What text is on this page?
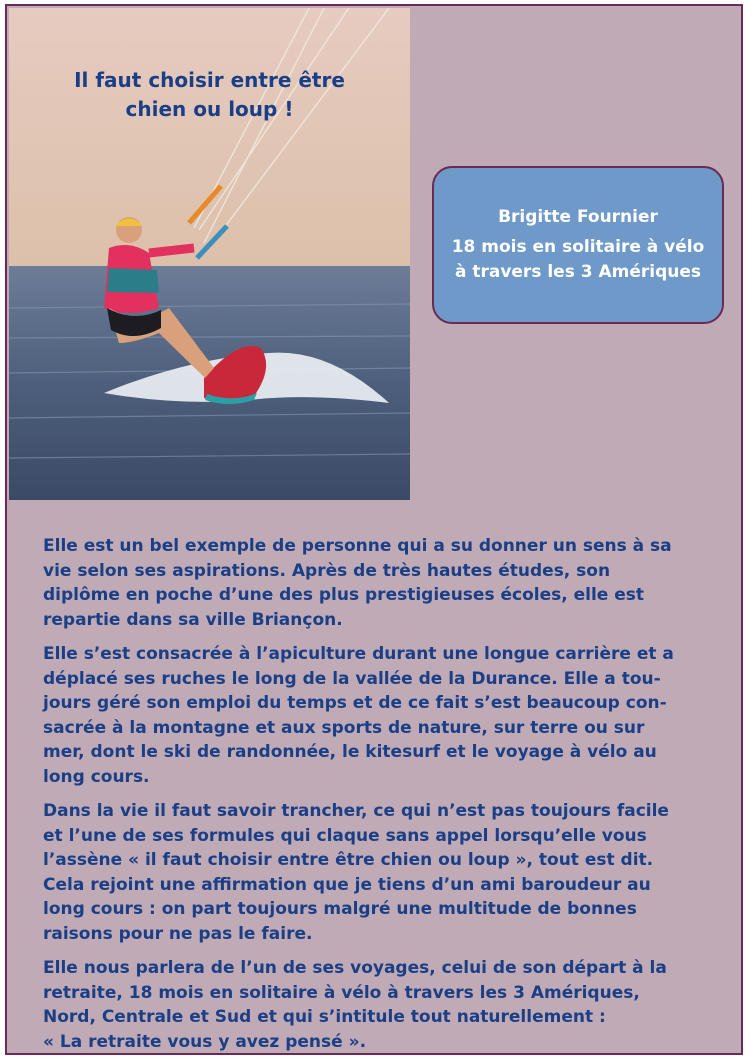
Il faut choisir entre être
chien ou loup !
Brigitte Fournier
18 mois en solitaire à vélo
à travers les 3 Amériques

Elle est un bel exemple de personne qui a su donner un sens à sa
vie selon ses aspirations. Après de très hautes études, son
diplôme en poche d’une des plus prestigieuses écoles, elle est
repartie dans sa ville Briançon.

Elle s’est consacrée à l’apiculture durant une longue carrière et a
déplacé ses ruches le long de la vallée de la Durance. Elle a tou-
jours géré son emploi du temps et de ce fait s’est beaucoup con-
sacrée à la montagne et aux sports de nature, sur terre ou sur
mer, dont le ski de randonnée, le kitesurf et le voyage à vélo au
long cours.

Dans la vie il faut savoir trancher, ce qui n’est pas toujours facile
et l’une de ses formules qui claque sans appel lorsqu’elle vous
l’assène « il faut choisir entre être chien ou loup », tout est dit.
Cela rejoint une affirmation que je tiens d’un ami baroudeur au
long cours : on part toujours malgré une multitude de bonnes
raisons pour ne pas le faire.

Elle nous parlera de l’un de ses voyages, celui de son départ à la
retraite, 18 mois en solitaire à vélo à travers les 3 Amériques,
Nord, Centrale et Sud et qui s’intitule tout naturellement :
« La retraite vous y avez pensé ».
